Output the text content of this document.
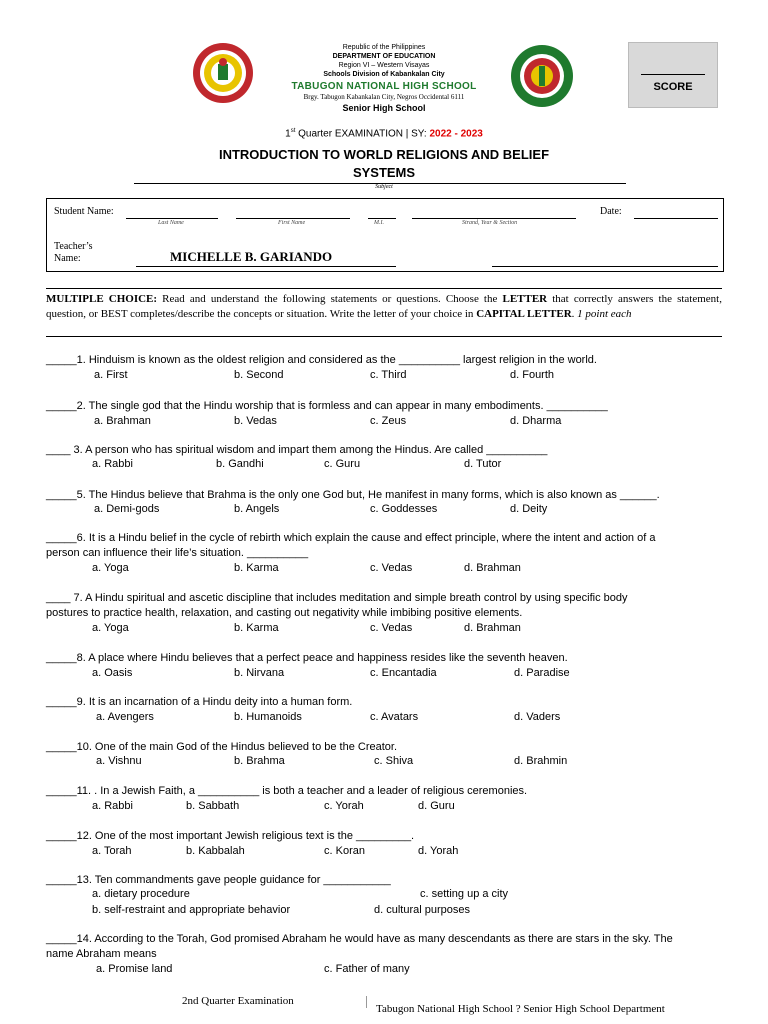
Republic of the Philippines
DEPARTMENT OF EDUCATION
Region VI – Western Visayas
Schools Division of Kabankalan City
TABUGON NATIONAL HIGH SCHOOL
Brgy. Tabugon Kabankalan City, Negros Occidental 6111
Senior High School
SCORE
1st Quarter EXAMINATION | SY: 2022 - 2023
INTRODUCTION TO WORLD RELIGIONS AND BELIEF
SYSTEMS
Subject
Student Name:
Last Name	First Name	M.I.	Strand, Year & Section
Date:
Teacher’s
Name:	MICHELLE B. GARIANDO
MULTIPLE CHOICE: Read and understand the following statements or questions. Choose the LETTER that correctly answers the statement, question, or BEST completes/describe the concepts or situation. Write the letter of your choice in CAPITAL LETTER. 1 point each
_____1. Hinduism is known as the oldest religion and considered as the __________ largest religion in the world.
a. First	b. Second	c. Third	d. Fourth
_____2. The single god that the Hindu worship that is formless and can appear in many embodiments. __________
a. Brahman	b. Vedas	c. Zeus	d. Dharma
____ 3. A person who has spiritual wisdom and impart them among the Hindus. Are called __________
a. Rabbi	b. Gandhi	c. Guru	d. Tutor
_____5. The Hindus believe that Brahma is the only one God but, He manifest in many forms, which is also known as ______.
a. Demi-gods	b. Angels	c. Goddesses	d. Deity
_____6. It is a Hindu belief in the cycle of rebirth which explain the cause and effect principle, where the intent and action of a
person can influence their life’s situation. __________
a. Yoga	b. Karma	c. Vedas	d. Brahman
____ 7. A Hindu spiritual and ascetic discipline that includes meditation and simple breath control by using specific body
postures to practice health, relaxation, and casting out negativity while imbibing positive elements.
a. Yoga	b. Karma	c. Vedas	d. Brahman
_____8. A place where Hindu believes that a perfect peace and happiness resides like the seventh heaven.
a. Oasis	b. Nirvana	c. Encantadia	d. Paradise
_____9. It is an incarnation of a Hindu deity into a human form.
a. Avengers	b. Humanoids	c. Avatars	d. Vaders
_____10. One of the main God of the Hindus believed to be the Creator.
a. Vishnu	b. Brahma	c. Shiva	d. Brahmin
_____11. . In a Jewish Faith, a __________ is both a teacher and a leader of religious ceremonies.
a. Rabbi	b. Sabbath	c. Yorah	d. Guru
_____12. One of the most important Jewish religious text is the _________.
a. Torah	b. Kabbalah	c. Koran	d. Yorah
_____13. Ten commandments gave people guidance for ___________
a. dietary procedure	c. setting up a city
b. self-restraint and appropriate behavior	d. cultural purposes
_____14. According to the Torah, God promised Abraham he would have as many descendants as there are stars in the sky. The
name Abraham means
a. Promise land	c. Father of many
2nd Quarter Examination
Tabugon National High School ? Senior High School Department
